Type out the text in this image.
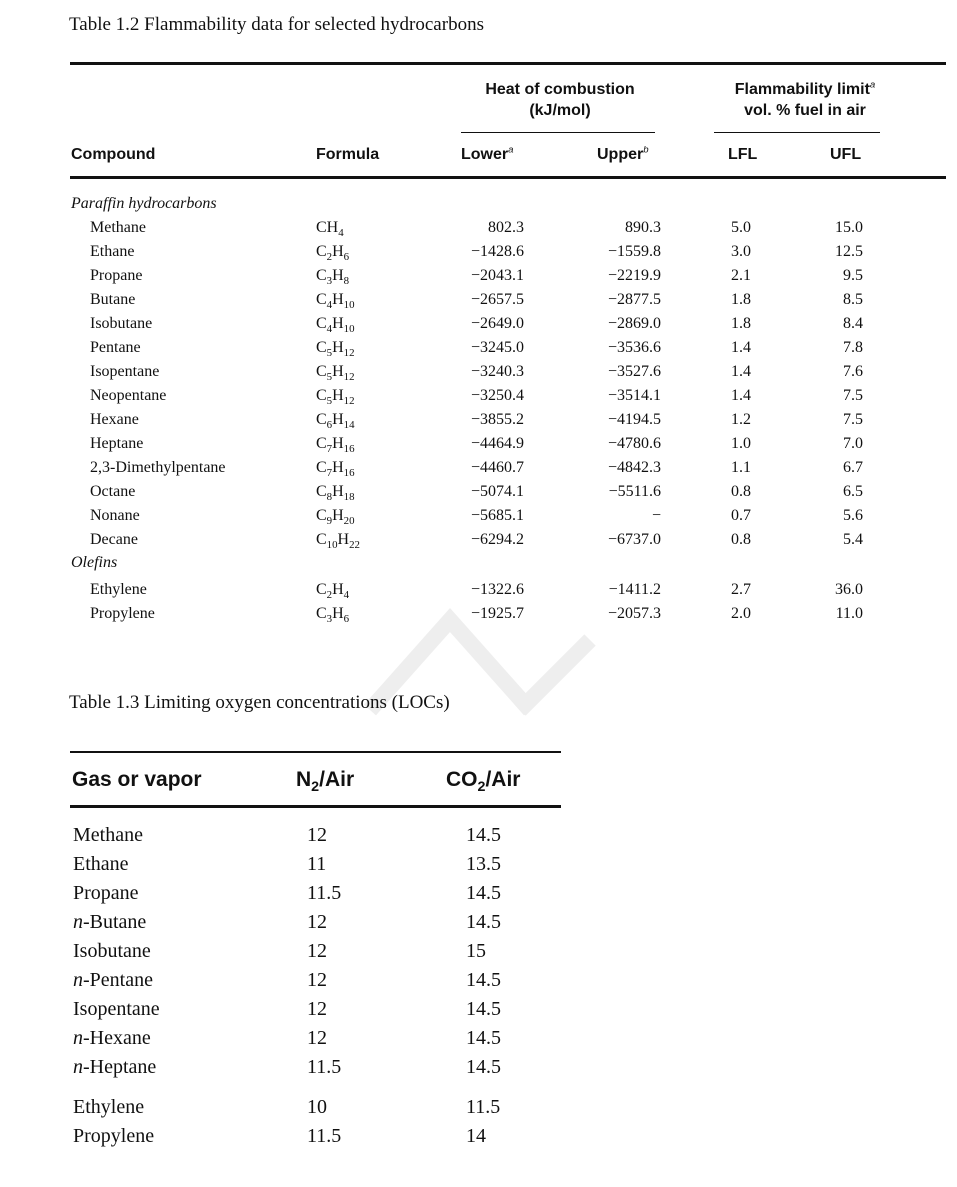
Table 1.2 Flammability data for selected hydrocarbons
Heat of combustion
(kJ/mol)
Flammability limit$^a$
vol. % fuel in air
Compound	Formula	Lower$^a$	Upper$^b$	LFL	UFL
Paraffin hydrocarbons
Methane	$CH_4$	802.3	890.3	5.0	15.0
Ethane	$C_2H_6$	−1428.6	−1559.8	3.0	12.5
Propane	$C_3H_8$	−2043.1	−2219.9	2.1	9.5
Butane	$C_4H_{10}$	−2657.5	−2877.5	1.8	8.5
Isobutane	$C_4H_{10}$	−2649.0	−2869.0	1.8	8.4
Pentane	$C_5H_{12}$	−3245.0	−3536.6	1.4	7.8
Isopentane	$C_5H_{12}$	−3240.3	−3527.6	1.4	7.6
Neopentane	$C_5H_{12}$	−3250.4	−3514.1	1.4	7.5
Hexane	$C_6H_{14}$	−3855.2	−4194.5	1.2	7.5
Heptane	$C_7H_{16}$	−4464.9	−4780.6	1.0	7.0
2,3-Dimethylpentane	$C_7H_{16}$	−4460.7	−4842.3	1.1	6.7
Octane	$C_8H_{18}$	−5074.1	−5511.6	0.8	6.5
Nonane	$C_9H_{20}$	−5685.1	−	0.7	5.6
Decane	$C_{10}H_{22}$	−6294.2	−6737.0	0.8	5.4
Olefins
Ethylene	$C_2H_4$	−1322.6	−1411.2	2.7	36.0
Propylene	$C_3H_6$	−1925.7	−2057.3	2.0	11.0
Table 1.3 Limiting oxygen concentrations (LOCs)
Gas or vapor	$N_2$/Air	$CO_2$/Air
Methane	12	14.5
Ethane	11	13.5
Propane	11.5	14.5
n-Butane	12	14.5
Isobutane	12	15
n-Pentane	12	14.5
Isopentane	12	14.5
n-Hexane	12	14.5
n-Heptane	11.5	14.5
Ethylene	10	11.5
Propylene	11.5	14
